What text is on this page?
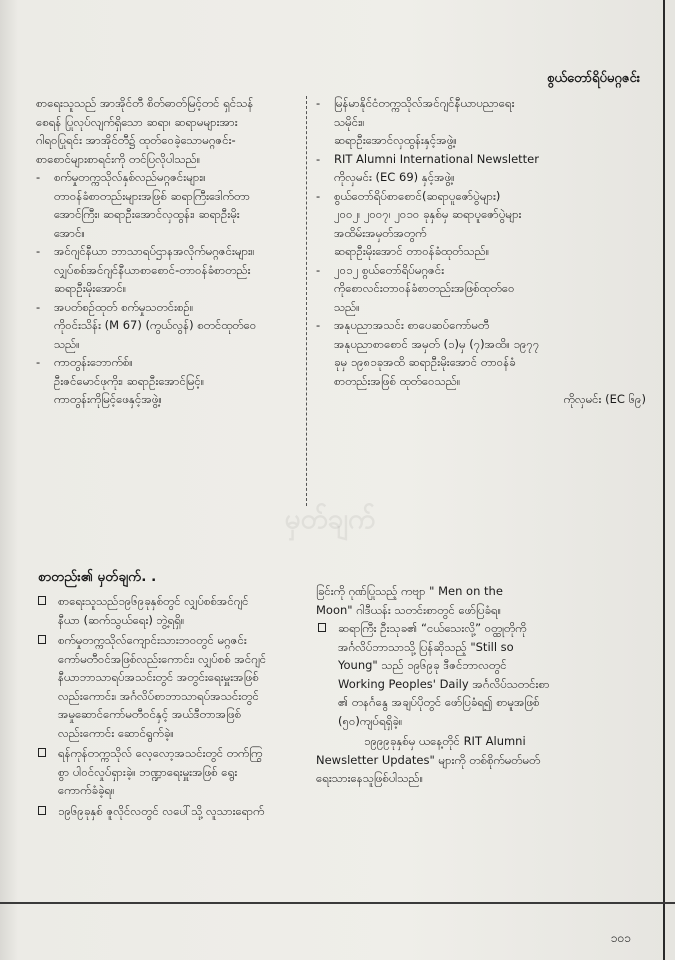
စွယ်တော်ရိပ်မဂ္ဂဇင်း

စာရေးသူသည် အာအိုင်တီ စိတ်ဓာတ်မြင့်တင် ရှင်သန်

စေရန် ပြုလုပ်လျက်ရှိသော ဆရာ၊ ဆရာမများအား

ဂါရဝပြုရင်း အာအိုင်တီ၌ ထုတ်ဝေခဲ့သောမဂ္ဂဇင်း-

စာစောင်များစာရင်းကို တင်ပြလိုပါသည်။

-	စက်မှုတက္ကသိုလ်နှစ်လည်မဂ္ဂဇင်းများ။

တာဝန်ခံစာတည်းများအဖြစ် ဆရာကြီးဒေါက်တာ

အောင်ကြီး၊ ဆရာဦးအောင်လှထွန်း၊ ဆရာဦးမိုး

အောင်။

-	အင်ဂျင်နီယာ ဘာသာရပ်ဌာနအလိုက်မဂ္ဂဇင်းများ။

လျှပ်စစ်အင်ဂျင်နီယာစာစောင်-တာဝန်ခံစာတည်း

ဆရာဦးမိုးအောင်။

-	အပတ်စဉ်ထုတ် စက်မှုသတင်းစဉ်။

ကိုဝင်းသိန်း (M 67) (ကွယ်လွန်) စတင်ထုတ်ဝေ

သည်။

-	ကာတွန်းဘောက်စ်။

ဦးဇင်မောင်ဖုကိုး၊ ဆရာဦးအောင်မြင့်။

ကာတွန်းကိုမြင့်ဖေနှင့်အဖွဲ့။

-	မြန်မာနိုင်ငံတက္ကသိုလ်အင်ဂျင်နီယာပညာရေး

သမိုင်း။

ဆရာဦးအောင်လှထွန်းနှင့်အဖွဲ့။

-	RIT Alumni International Newsletter

ကိုလှမင်း (EC 69) နှင့်အဖွဲ့။

-	စွယ်တော်ရိပ်စာစောင်(ဆရာပူဇော်ပွဲများ)

၂၀၀၂၊ ၂၀၀၇၊ ၂၀၁၀ ခုနှစ်မှ ဆရာပူဇော်ပွဲများ

အထိမ်းအမှတ်အတွက်

ဆရာဦးမိုးအောင် တာဝန်ခံထုတ်သည်။

-	၂၀၁၂ စွယ်တော်ရိပ်မဂ္ဂဇင်း

ကိုစောလင်းတာဝန်ခံစာတည်းအဖြစ်ထုတ်ဝေ

သည်။

-	အနုပညာအသင်း စာပေဆပ်ကော်မတီ

အနုပညာစာစောင် အမှတ် (၁)မှ (၇)အထိ။ ၁၉၇၇

ခုမှ ၁၉၈၁ခုအထိ ဆရာဦးမိုးအောင် တာဝန်ခံ

စာတည်းအဖြစ် ထုတ်ဝေသည်။

ကိုလှမင်း (EC ၆၉)

မှတ်ချက်
စာတည်း၏ မှတ်ချက်. .

စာရေးသူသည်၁၉၆၉ခုနှစ်တွင် လျှပ်စစ်အင်ဂျင်

နီယာ (ဆက်သွယ်ရေး) ဘွဲ့ရရှိ။

စက်မှုတက္ကသိုလ်ကျောင်းသားဘဝတွင် မဂ္ဂဇင်း

ကော်မတီဝင်အဖြစ်လည်းကောင်း၊ လျှပ်စစ် အင်ဂျင်

နီယာဘာသာရပ်အသင်းတွင် အတွင်းရေးမှူးအဖြစ်

လည်းကောင်း၊ အင်္ဂလိပ်စာဘာသာရပ်အသင်းတွင်

အမှုဆောင်ကော်မတီဝင်နှင့် အယ်ဒီတာအဖြစ်

လည်းကောင်း ဆောင်ရွက်ခဲ့။

ရန်ကုန်တက္ကသိုလ် လေ့လော့အသင်းတွင် တက်ကြွ

စွာ ပါဝင်လှုပ်ရှားခဲ့။ ဘဏ္ဍာရေးမှူးအဖြစ် ရွေး

ကောက်ခံခဲ့ရ။

၁၉၆၉ခုနှစ် ဇူလိုင်လတွင် လပေါ်သို့ လူသားရောက်

ခြင်းကို ဂုဏ်ပြုသည့် ကဗျာ " Men on the

Moon" ဂါဒီယန်း သတင်းစာတွင် ဖော်ပြခံရ။

ဆရာကြီး ဦးသုခ၏ “ငယ်သေးလို့” ဝတ္ထုတိုကို

အင်္ဂလိပ်ဘာသာသို့ ပြန်ဆိုသည့် "Still so

Young" သည် ၁၉၆၉ခု ဒီဇင်ဘာလတွင်

Working Peoples' Daily အင်္ဂလိပ်သတင်းစာ

၏ တနင်္ဂနွေ အချပ်ပိုတွင် ဖော်ပြခံရ၍ စာမူအဖြစ်

(၅၀)ကျပ်ရရှိခဲ့။

၁၉၉၉ခုနှစ်မှ ယနေ့တိုင် RIT Alumni

Newsletter Updates" များကို တစ်စိုက်မတ်မတ်

ရေးသားနေသူဖြစ်ပါသည်။

၁၀၁
